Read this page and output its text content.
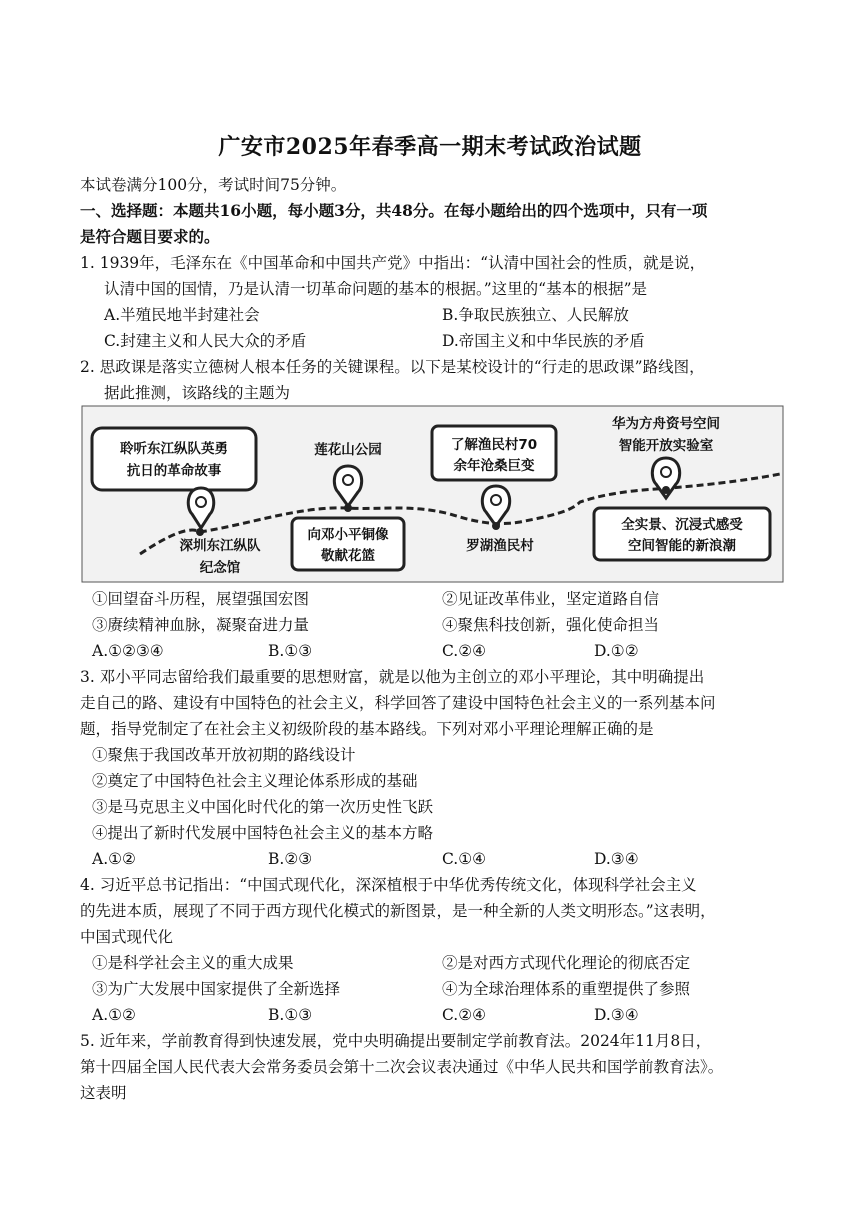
广安市2025年春季高一期末考试政治试题
本试卷满分100分，考试时间75分钟。
一、选择题：本题共16小题，每小题3分，共48分。在每小题给出的四个选项中，只有一项
是符合题目要求的。
1. 1939年，毛泽东在《中国革命和中国共产党》中指出：“认清中国社会的性质，就是说，
认清中国的国情，乃是认清一切革命问题的基本的根据。”这里的“基本的根据”是
A.半殖民地半封建社会	B.争取民族独立、人民解放
C.封建主义和人民大众的矛盾	D.帝国主义和中华民族的矛盾
2. 思政课是落实立德树人根本任务的关键课程。以下是某校设计的“行走的思政课”路线图，
据此推测，该路线的主题为
聆听东江纵队英勇
抗日的革命故事
深圳东江纵队
纪念馆
莲花山公园
向邓小平铜像
敬献花篮
了解渔民村70
余年沧桑巨变
罗湖渔民村
华为方舟资号空间
智能开放实验室
全实景、沉浸式感受
空间智能的新浪潮
①回望奋斗历程，展望强国宏图	②见证改革伟业，坚定道路自信
③赓续精神血脉，凝聚奋进力量	④聚焦科技创新，强化使命担当
A.①②③④	B.①③	C.②④	D.①②
3. 邓小平同志留给我们最重要的思想财富，就是以他为主创立的邓小平理论，其中明确提出
走自己的路、建设有中国特色的社会主义，科学回答了建设中国特色社会主义的一系列基本问
题，指导党制定了在社会主义初级阶段的基本路线。下列对邓小平理论理解正确的是
①聚焦于我国改革开放初期的路线设计
②奠定了中国特色社会主义理论体系形成的基础
③是马克思主义中国化时代化的第一次历史性飞跃
④提出了新时代发展中国特色社会主义的基本方略
A.①②	B.②③	C.①④	D.③④
4. 习近平总书记指出：“中国式现代化，深深植根于中华优秀传统文化，体现科学社会主义
的先进本质，展现了不同于西方现代化模式的新图景，是一种全新的人类文明形态。”这表明，
中国式现代化
①是科学社会主义的重大成果	②是对西方式现代化理论的彻底否定
③为广大发展中国家提供了全新选择	④为全球治理体系的重塑提供了参照
A.①②	B.①③	C.②④	D.③④
5. 近年来，学前教育得到快速发展，党中央明确提出要制定学前教育法。2024年11月8日，
第十四届全国人民代表大会常务委员会第十二次会议表决通过《中华人民共和国学前教育法》。
这表明
